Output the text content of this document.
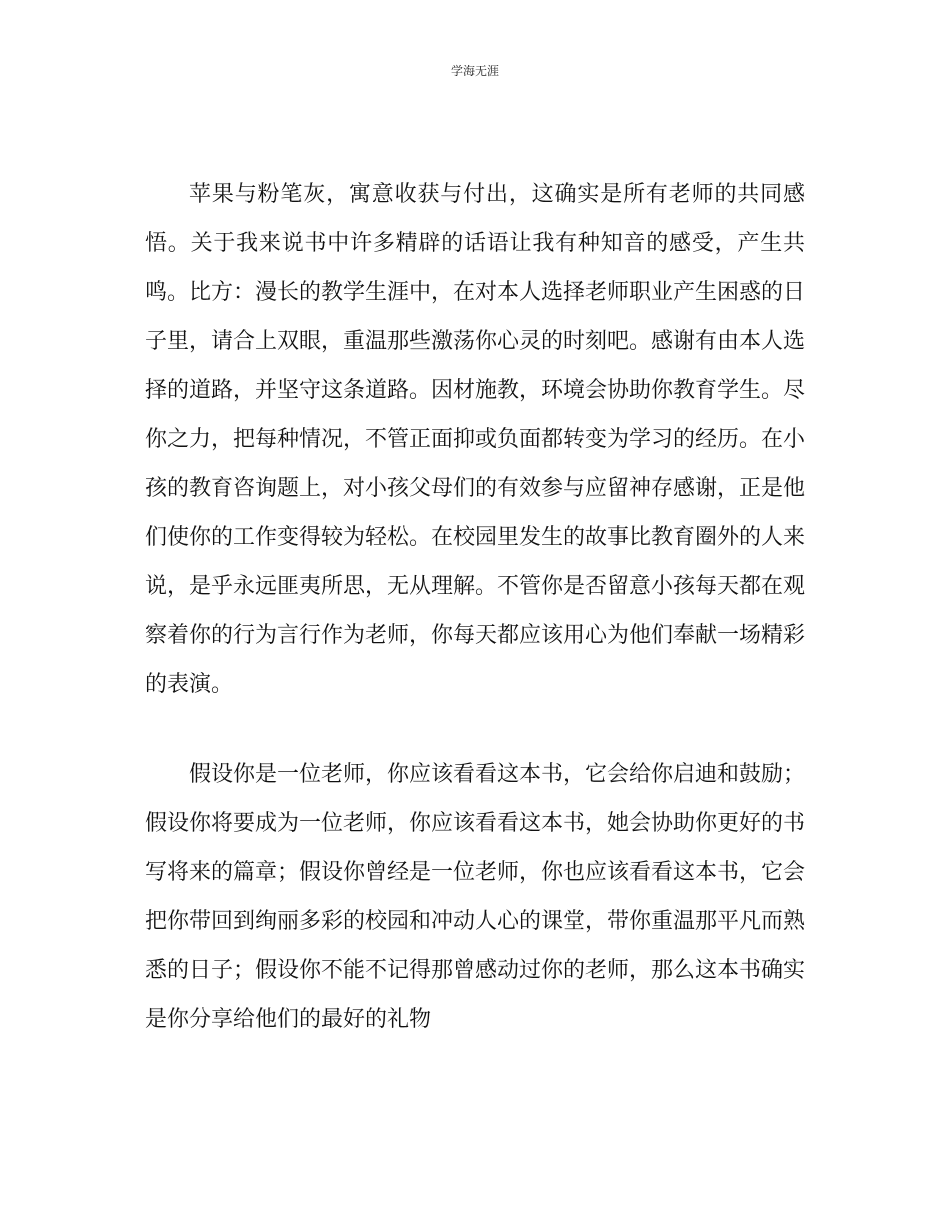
学海无涯

苹果与粉笔灰，寓意收获与付出，这确实是所有老师的共同感悟。关于我来说书中许多精辟的话语让我有种知音的感受，产生共鸣。比方：漫长的教学生涯中，在对本人选择老师职业产生困惑的日子里，请合上双眼，重温那些激荡你心灵的时刻吧。感谢有由本人选择的道路，并坚守这条道路。因材施教，环境会协助你教育学生。尽你之力，把每种情况，不管正面抑或负面都转变为学习的经历。在小孩的教育咨询题上，对小孩父母们的有效参与应留神存感谢，正是他们使你的工作变得较为轻松。在校园里发生的故事比教育圈外的人来说，是乎永远匪夷所思，无从理解。不管你是否留意小孩每天都在观察着你的行为言行作为老师，你每天都应该用心为他们奉献一场精彩的表演。

假设你是一位老师，你应该看看这本书，它会给你启迪和鼓励；假设你将要成为一位老师，你应该看看这本书，她会协助你更好的书写将来的篇章；假设你曾经是一位老师，你也应该看看这本书，它会把你带回到绚丽多彩的校园和冲动人心的课堂，带你重温那平凡而熟悉的日子；假设你不能不记得那曾感动过你的老师，那么这本书确实是你分享给他们的最好的礼物
